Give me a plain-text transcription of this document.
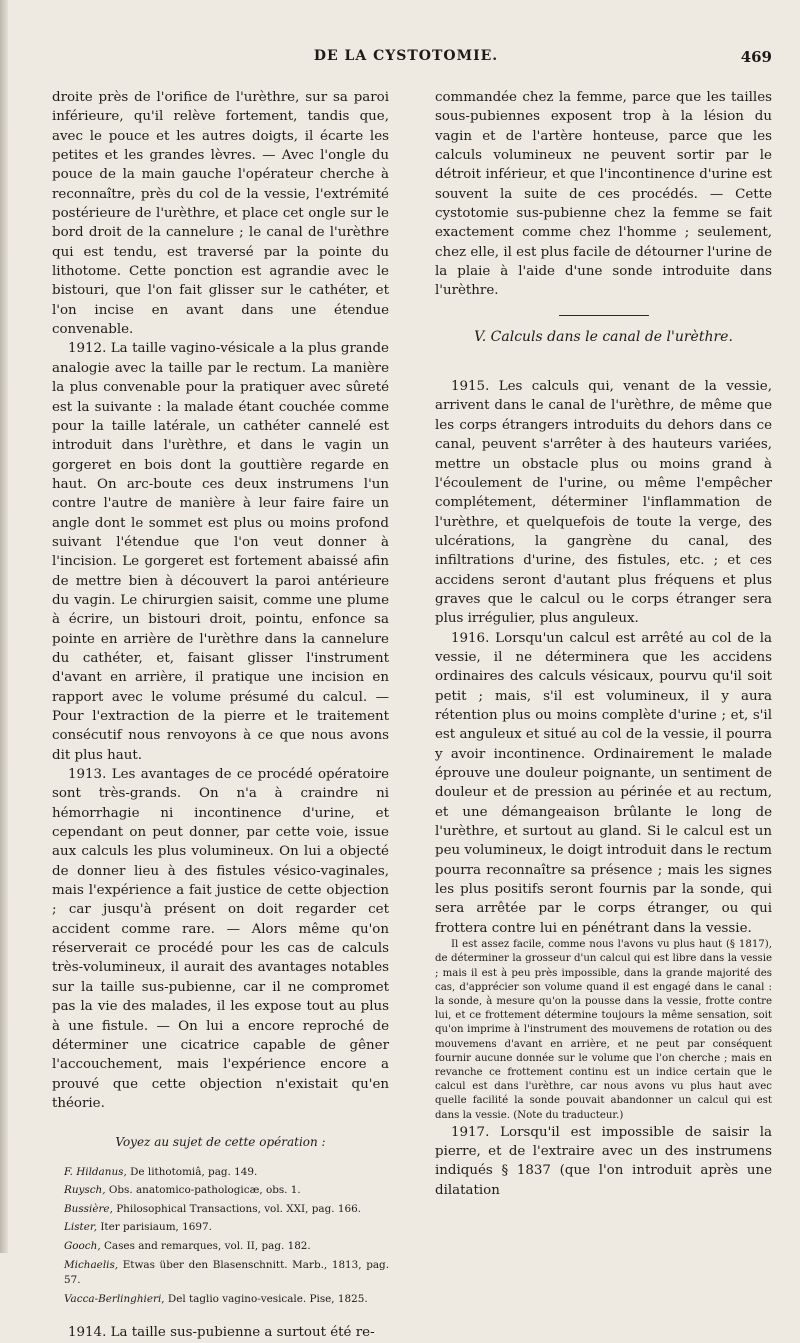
DE LA CYSTOTOMIE.	469

droite près de l'orifice de l'urèthre, sur sa paroi inférieure, qu'il relève fortement, tandis que, avec le pouce et les autres doigts, il écarte les petites et les grandes lèvres. — Avec l'ongle du pouce de la main gauche l'opérateur cherche à reconnaître, près du col de la vessie, l'extrémité postérieure de l'urèthre, et place cet ongle sur le bord droit de la cannelure ; le canal de l'urèthre qui est tendu, est traversé par la pointe du lithotome. Cette ponction est agrandie avec le bistouri, que l'on fait glisser sur le cathéter, et l'on incise en avant dans une étendue convenable.

1912. La taille vagino-vésicale a la plus grande analogie avec la taille par le rectum. La manière la plus convenable pour la pratiquer avec sûreté est la suivante : la malade étant couchée comme pour la taille latérale, un cathéter cannelé est introduit dans l'urèthre, et dans le vagin un gorgeret en bois dont la gouttière regarde en haut. On arc-boute ces deux instrumens l'un contre l'autre de manière à leur faire faire un angle dont le sommet est plus ou moins profond suivant l'étendue que l'on veut donner à l'incision. Le gorgeret est fortement abaissé afin de mettre bien à découvert la paroi antérieure du vagin. Le chirurgien saisit, comme une plume à écrire, un bistouri droit, pointu, enfonce sa pointe en arrière de l'urèthre dans la cannelure du cathéter, et, faisant glisser l'instrument d'avant en arrière, il pratique une incision en rapport avec le volume présumé du calcul. — Pour l'extraction de la pierre et le traitement consécutif nous renvoyons à ce que nous avons dit plus haut.

1913. Les avantages de ce procédé opératoire sont très-grands. On n'a à craindre ni hémorrhagie ni incontinence d'urine, et cependant on peut donner, par cette voie, issue aux calculs les plus volumineux. On lui a objecté de donner lieu à des fistules vésico-vaginales, mais l'expérience a fait justice de cette objection ; car jusqu'à présent on doit regarder cet accident comme rare. — Alors même qu'on réserverait ce procédé pour les cas de calculs très-volumineux, il aurait des avantages notables sur la taille sus-pubienne, car il ne compromet pas la vie des malades, il les expose tout au plus à une fistule. — On lui a encore reproché de déterminer une cicatrice capable de gêner l'accouchement, mais l'expérience encore a prouvé que cette objection n'existait qu'en théorie.

Voyez au sujet de cette opération :
F. Hildanus, De lithotomiâ, pag. 149.
Ruysch, Obs. anatomico-pathologicæ, obs. 1.
Bussière, Philosophical Transactions, vol. XXI, pag. 166.
Lister, Iter parisiaum, 1697.
Gooch, Cases and remarques, vol. II, pag. 182.
Michaelis, Etwas über den Blasenschnitt. Marb., 1813, pag. 57.
Vacca-Berlinghieri, Del taglio vagino-vesicale. Pise, 1825.

1914. La taille sus-pubienne a surtout été re-

commandée chez la femme, parce que les tailles sous-pubiennes exposent trop à la lésion du vagin et de l'artère honteuse, parce que les calculs volumineux ne peuvent sortir par le détroit inférieur, et que l'incontinence d'urine est souvent la suite de ces procédés. — Cette cystotomie sus-pubienne chez la femme se fait exactement comme chez l'homme ; seulement, chez elle, il est plus facile de détourner l'urine de la plaie à l'aide d'une sonde introduite dans l'urèthre.

V. Calculs dans le canal de l'urèthre.

1915. Les calculs qui, venant de la vessie, arrivent dans le canal de l'urèthre, de même que les corps étrangers introduits du dehors dans ce canal, peuvent s'arrêter à des hauteurs variées, mettre un obstacle plus ou moins grand à l'écoulement de l'urine, ou même l'empêcher complétement, déterminer l'inflammation de l'urèthre, et quelquefois de toute la verge, des ulcérations, la gangrène du canal, des infiltrations d'urine, des fistules, etc. ; et ces accidens seront d'autant plus fréquens et plus graves que le calcul ou le corps étranger sera plus irrégulier, plus anguleux.

1916. Lorsqu'un calcul est arrêté au col de la vessie, il ne déterminera que les accidens ordinaires des calculs vésicaux, pourvu qu'il soit petit ; mais, s'il est volumineux, il y aura rétention plus ou moins complète d'urine ; et, s'il est anguleux et situé au col de la vessie, il pourra y avoir incontinence. Ordinairement le malade éprouve une douleur poignante, un sentiment de douleur et de pression au périnée et au rectum, et une démangeaison brûlante le long de l'urèthre, et surtout au gland. Si le calcul est un peu volumineux, le doigt introduit dans le rectum pourra reconnaître sa présence ; mais les signes les plus positifs seront fournis par la sonde, qui sera arrêtée par le corps étranger, ou qui frottera contre lui en pénétrant dans la vessie.

Il est assez facile, comme nous l'avons vu plus haut (§ 1817), de déterminer la grosseur d'un calcul qui est libre dans la vessie ; mais il est à peu près impossible, dans la grande majorité des cas, d'apprécier son volume quand il est engagé dans le canal : la sonde, à mesure qu'on la pousse dans la vessie, frotte contre lui, et ce frottement détermine toujours la même sensation, soit qu'on imprime à l'instrument des mouvemens de rotation ou des mouvemens d'avant en arrière, et ne peut par conséquent fournir aucune donnée sur le volume que l'on cherche ; mais en revanche ce frottement continu est un indice certain que le calcul est dans l'urèthre, car nous avons vu plus haut avec quelle facilité la sonde pouvait abandonner un calcul qui est dans la vessie. (Note du traducteur.)

1917. Lorsqu'il est impossible de saisir la pierre, et de l'extraire avec un des instrumens indiqués § 1837 (que l'on introduit après une dilatation
